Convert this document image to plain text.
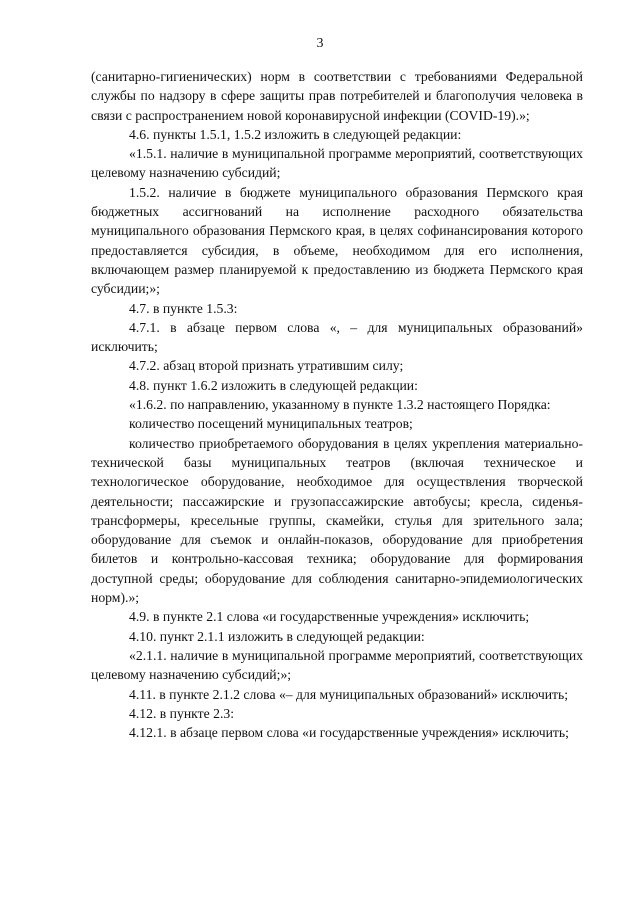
3

(санитарно-гигиенических) норм в соответствии с требованиями Федеральной службы по надзору в сфере защиты прав потребителей и благополучия человека в связи с распространением новой коронавирусной инфекции (COVID-19).»;

4.6. пункты 1.5.1, 1.5.2 изложить в следующей редакции:

«1.5.1. наличие в муниципальной программе мероприятий, соответствующих целевому назначению субсидий;

1.5.2. наличие в бюджете муниципального образования Пермского края бюджетных ассигнований на исполнение расходного обязательства муниципального образования Пермского края, в целях софинансирования которого предоставляется субсидия, в объеме, необходимом для его исполнения, включающем размер планируемой к предоставлению из бюджета Пермского края субсидии;»;

4.7. в пункте 1.5.3:

4.7.1. в абзаце первом слова «, – для муниципальных образований» исключить;

4.7.2. абзац второй признать утратившим силу;

4.8. пункт 1.6.2 изложить в следующей редакции:

«1.6.2. по направлению, указанному в пункте 1.3.2 настоящего Порядка:

количество посещений муниципальных театров;

количество приобретаемого оборудования в целях укрепления материально-технической базы муниципальных театров (включая техническое и технологическое оборудование, необходимое для осуществления творческой деятельности; пассажирские и грузопассажирские автобусы; кресла, сиденья-трансформеры, кресельные группы, скамейки, стулья для зрительного зала; оборудование для съемок и онлайн-показов, оборудование для приобретения билетов и контрольно-кассовая техника; оборудование для формирования доступной среды; оборудование для соблюдения санитарно-эпидемиологических норм).»;

4.9. в пункте 2.1 слова «и государственные учреждения» исключить;

4.10. пункт 2.1.1 изложить в следующей редакции:

«2.1.1. наличие в муниципальной программе мероприятий, соответствующих целевому назначению субсидий;»;

4.11. в пункте 2.1.2 слова «– для муниципальных образований» исключить;

4.12. в пункте 2.3:

4.12.1. в абзаце первом слова «и государственные учреждения» исключить;
